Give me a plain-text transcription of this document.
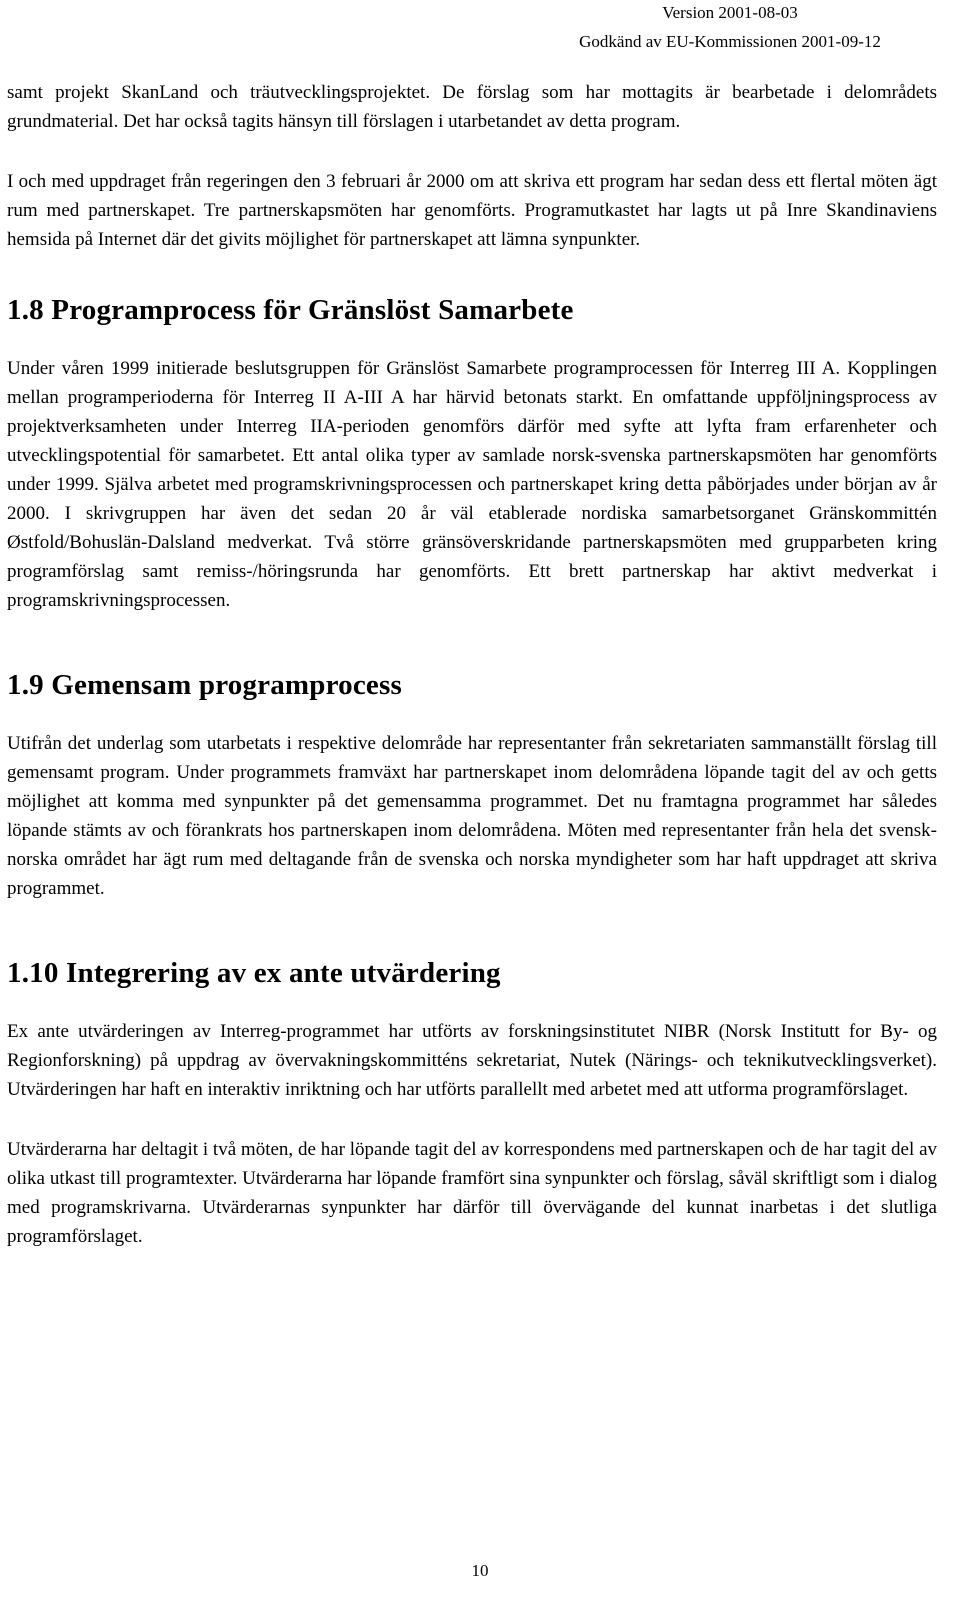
Version 2001-08-03
Godkänd av EU-Kommissionen 2001-09-12

samt projekt SkanLand och träutvecklingsprojektet. De förslag som har mottagits är bearbetade i delområdets grundmaterial. Det har också tagits hänsyn till förslagen i utarbetandet av detta program.

I och med uppdraget från regeringen den 3 februari år 2000 om att skriva ett program har sedan dess ett flertal möten ägt rum med partnerskapet. Tre partnerskapsmöten har genomförts. Programutkastet har lagts ut på Inre Skandinaviens hemsida på Internet där det givits möjlighet för partnerskapet att lämna synpunkter.

1.8 Programprocess för Gränslöst Samarbete

Under våren 1999 initierade beslutsgruppen för Gränslöst Samarbete programprocessen för Interreg III A. Kopplingen mellan programperioderna för Interreg II A-III A har härvid betonats starkt. En omfattande uppföljningsprocess av projektverksamheten under Interreg IIA-perioden genomförs därför med syfte att lyfta fram erfarenheter och utvecklingspotential för samarbetet. Ett antal olika typer av samlade norsk-svenska partnerskapsmöten har genomförts under 1999. Själva arbetet med programskrivningsprocessen och partnerskapet kring detta påbörjades under början av år 2000. I skrivgruppen har även det sedan 20 år väl etablerade nordiska samarbetsorganet Gränskommittén Østfold/Bohuslän-Dalsland medverkat. Två större gränsöverskridande partnerskapsmöten med grupparbeten kring programförslag samt remiss-/höringsrunda har genomförts. Ett brett partnerskap har aktivt medverkat i programskrivningsprocessen.

1.9 Gemensam programprocess

Utifrån det underlag som utarbetats i respektive delområde har representanter från sekretariaten sammanställt förslag till gemensamt program. Under programmets framväxt har partnerskapet inom delområdena löpande tagit del av och getts möjlighet att komma med synpunkter på det gemensamma programmet. Det nu framtagna programmet har således löpande stämts av och förankrats hos partnerskapen inom delområdena. Möten med representanter från hela det svensk-norska området har ägt rum med deltagande från de svenska och norska myndigheter som har haft uppdraget att skriva programmet.

1.10 Integrering av ex ante utvärdering

Ex ante utvärderingen av Interreg-programmet har utförts av forskningsinstitutet NIBR (Norsk Institutt for By- og Regionforskning) på uppdrag av övervakningskommitténs sekretariat, Nutek (Närings- och teknikutvecklingsverket). Utvärderingen har haft en interaktiv inriktning och har utförts parallellt med arbetet med att utforma programförslaget.

Utvärderarna har deltagit i två möten, de har löpande tagit del av korrespondens med partnerskapen och de har tagit del av olika utkast till programtexter. Utvärderarna har löpande framfört sina synpunkter och förslag, såväl skriftligt som i dialog med programskrivarna. Utvärderarnas synpunkter har därför till övervägande del kunnat inarbetas i det slutliga programförslaget.

10
